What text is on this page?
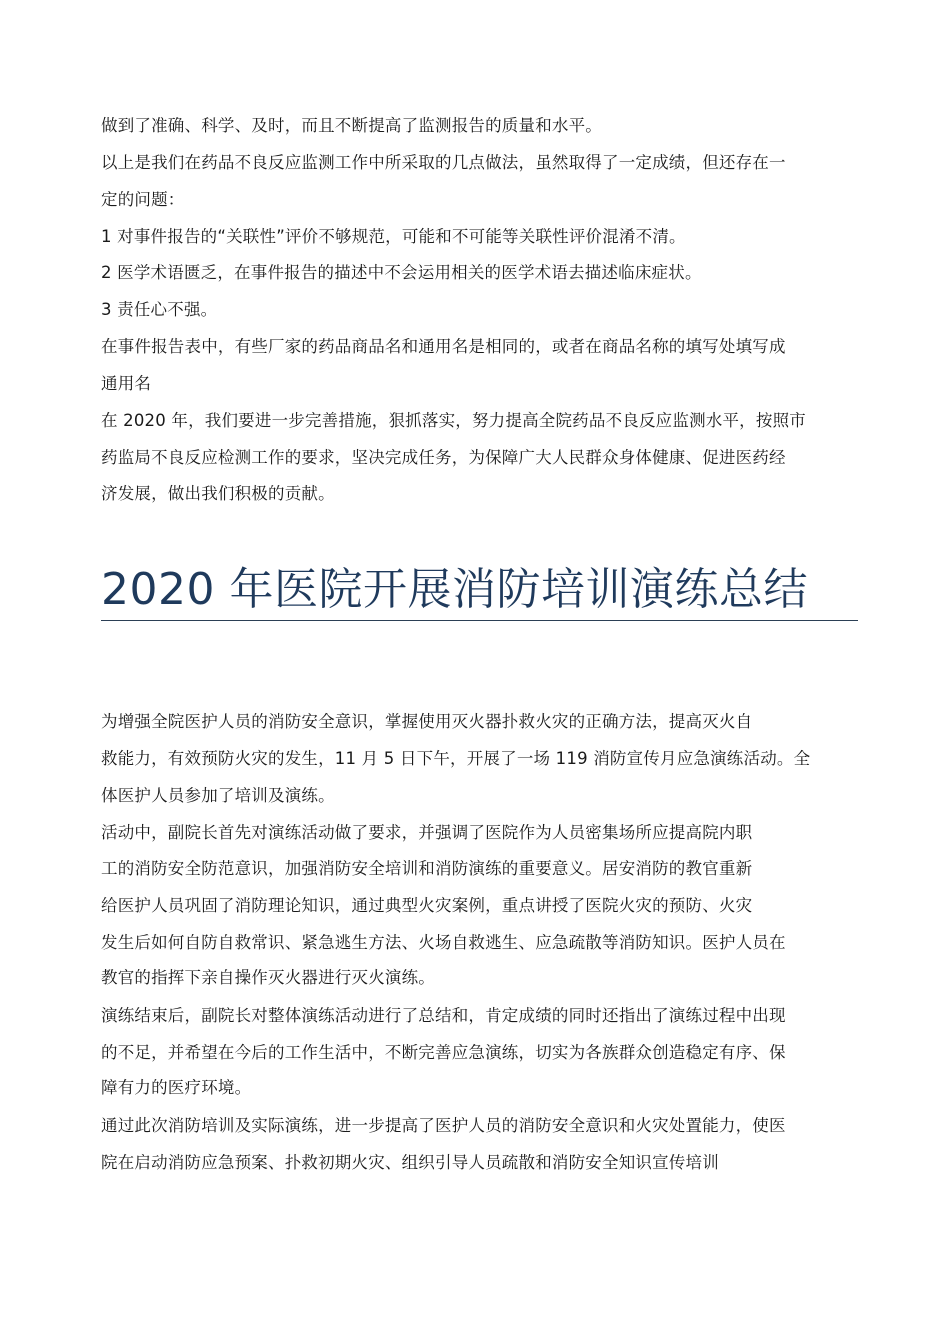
做到了准确、科学、及时，而且不断提高了监测报告的质量和水平。
以上是我们在药品不良反应监测工作中所采取的几点做法，虽然取得了一定成绩，但还存在一
定的问题：
1 对事件报告的“关联性”评价不够规范，可能和不可能等关联性评价混淆不清。
2 医学术语匮乏，在事件报告的描述中不会运用相关的医学术语去描述临床症状。
3 责任心不强。
在事件报告表中，有些厂家的药品商品名和通用名是相同的，或者在商品名称的填写处填写成
通用名
在 2020 年，我们要进一步完善措施，狠抓落实，努力提高全院药品不良反应监测水平，按照市
药监局不良反应检测工作的要求，坚决完成任务，为保障广大人民群众身体健康、促进医药经
济发展，做出我们积极的贡献。
2020 年医院开展消防培训演练总结
为增强全院医护人员的消防安全意识，掌握使用灭火器扑救火灾的正确方法，提高灭火自
救能力，有效预防火灾的发生，11 月 5 日下午，开展了一场 119 消防宣传月应急演练活动。全
体医护人员参加了培训及演练。
活动中，副院长首先对演练活动做了要求，并强调了医院作为人员密集场所应提高院内职
工的消防安全防范意识，加强消防安全培训和消防演练的重要意义。居安消防的教官重新
给医护人员巩固了消防理论知识，通过典型火灾案例，重点讲授了医院火灾的预防、火灾
发生后如何自防自救常识、紧急逃生方法、火场自救逃生、应急疏散等消防知识。医护人员在
教官的指挥下亲自操作灭火器进行灭火演练。
演练结束后，副院长对整体演练活动进行了总结和，肯定成绩的同时还指出了演练过程中出现
的不足，并希望在今后的工作生活中，不断完善应急演练，切实为各族群众创造稳定有序、保
障有力的医疗环境。
通过此次消防培训及实际演练，进一步提高了医护人员的消防安全意识和火灾处置能力，使医
院在启动消防应急预案、扑救初期火灾、组织引导人员疏散和消防安全知识宣传培训
